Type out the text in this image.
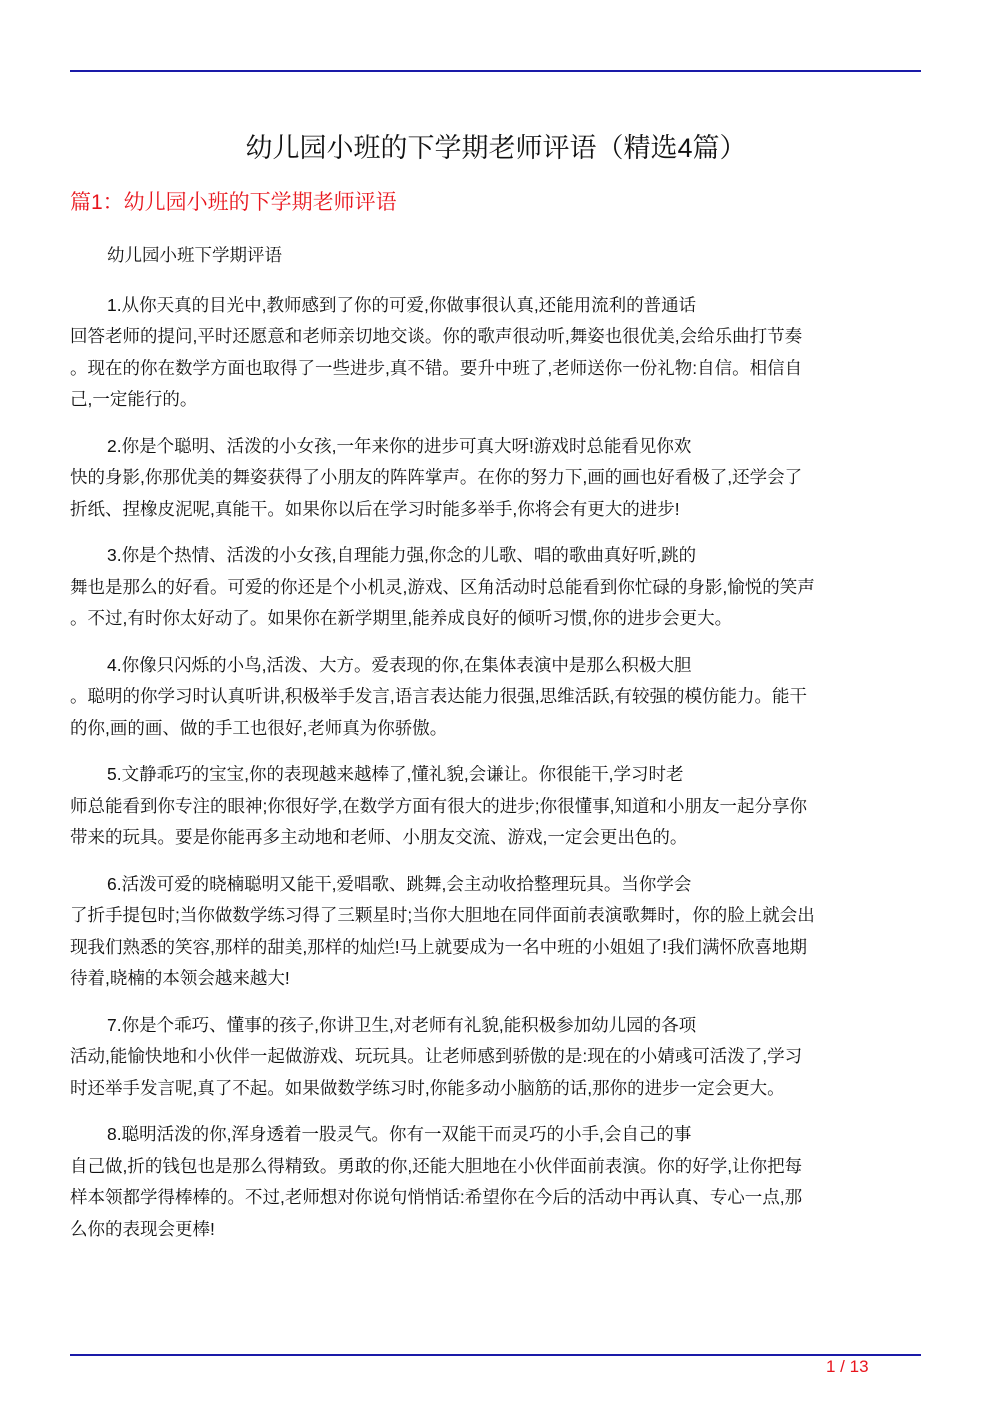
幼儿园小班的下学期老师评语（精选4篇）
篇1：幼儿园小班的下学期老师评语
幼儿园小班下学期评语
1.从你天真的目光中,教师感到了你的可爱,你做事很认真,还能用流利的普通话
回答老师的提问,平时还愿意和老师亲切地交谈。你的歌声很动听,舞姿也很优美,会给乐曲打节奏
。现在的你在数学方面也取得了一些进步,真不错。要升中班了,老师送你一份礼物:自信。相信自
己,一定能行的。
2.你是个聪明、活泼的小女孩,一年来你的进步可真大呀!游戏时总能看见你欢
快的身影,你那优美的舞姿获得了小朋友的阵阵掌声。在你的努力下,画的画也好看极了,还学会了
折纸、捏橡皮泥呢,真能干。如果你以后在学习时能多举手,你将会有更大的进步!
3.你是个热情、活泼的小女孩,自理能力强,你念的儿歌、唱的歌曲真好听,跳的
舞也是那么的好看。可爱的你还是个小机灵,游戏、区角活动时总能看到你忙碌的身影,愉悦的笑声
。不过,有时你太好动了。如果你在新学期里,能养成良好的倾听习惯,你的进步会更大。
4.你像只闪烁的小鸟,活泼、大方。爱表现的你,在集体表演中是那么积极大胆
。聪明的你学习时认真听讲,积极举手发言,语言表达能力很强,思维活跃,有较强的模仿能力。能干
的你,画的画、做的手工也很好,老师真为你骄傲。
5.文静乖巧的宝宝,你的表现越来越棒了,懂礼貌,会谦让。你很能干,学习时老
师总能看到你专注的眼神;你很好学,在数学方面有很大的进步;你很懂事,知道和小朋友一起分享你
带来的玩具。要是你能再多主动地和老师、小朋友交流、游戏,一定会更出色的。
6.活泼可爱的晓楠聪明又能干,爱唱歌、跳舞,会主动收拾整理玩具。当你学会
了折手提包时;当你做数学练习得了三颗星时;当你大胆地在同伴面前表演歌舞时，你的脸上就会出
现我们熟悉的笑容,那样的甜美,那样的灿烂!马上就要成为一名中班的小姐姐了!我们满怀欣喜地期
待着,晓楠的本领会越来越大!
7.你是个乖巧、懂事的孩子,你讲卫生,对老师有礼貌,能积极参加幼儿园的各项
活动,能愉快地和小伙伴一起做游戏、玩玩具。让老师感到骄傲的是:现在的小婧彧可活泼了,学习
时还举手发言呢,真了不起。如果做数学练习时,你能多动小脑筋的话,那你的进步一定会更大。
8.聪明活泼的你,浑身透着一股灵气。你有一双能干而灵巧的小手,会自己的事
自己做,折的钱包也是那么得精致。勇敢的你,还能大胆地在小伙伴面前表演。你的好学,让你把每
样本领都学得棒棒的。不过,老师想对你说句悄悄话:希望你在今后的活动中再认真、专心一点,那
么你的表现会更棒!
1 / 13
